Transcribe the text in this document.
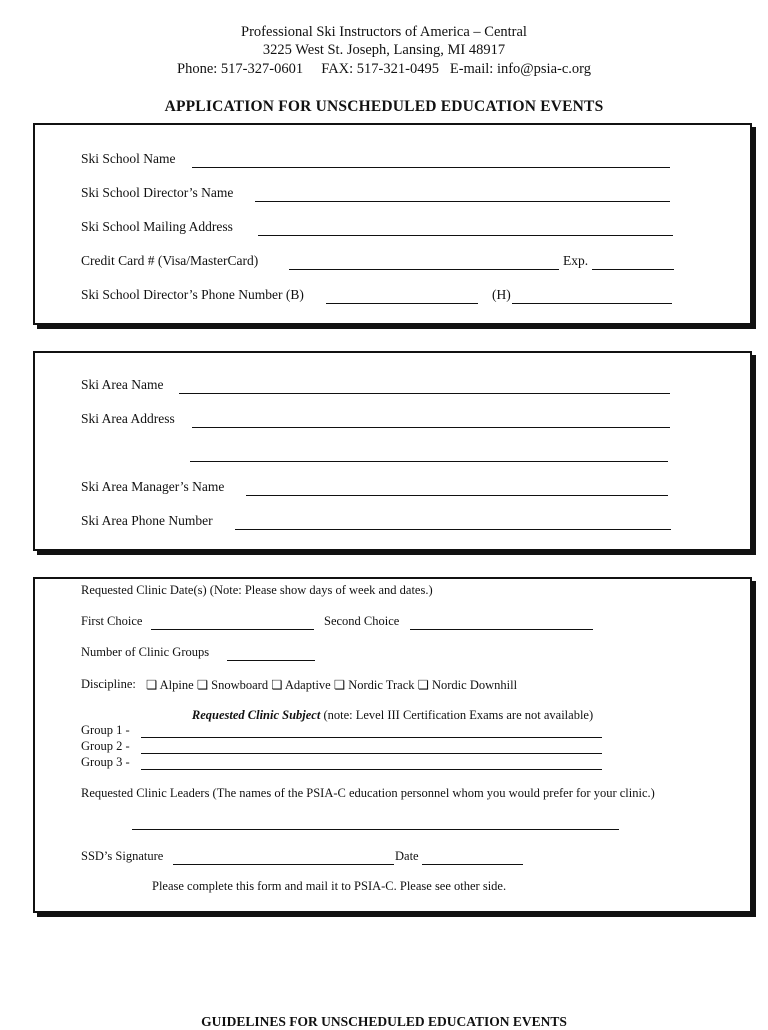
Professional Ski Instructors of America – Central
3225 West St. Joseph, Lansing, MI 48917
Phone: 517-327-0601     FAX: 517-321-0495   E-mail: info@psia-c.org
APPLICATION FOR UNSCHEDULED EDUCATION EVENTS
Ski School Name
Ski School Director’s Name
Ski School Mailing Address
Credit Card # (Visa/MasterCard)	Exp.
Ski School Director’s Phone Number (B)	(H)
Ski Area Name
Ski Area Address
Ski Area Manager’s Name
Ski Area Phone Number
Requested Clinic Date(s) (Note: Please show days of week and dates.)
First Choice	Second Choice
Number of Clinic Groups
Discipline: ❏ Alpine ❏ Snowboard ❏ Adaptive ❏ Nordic Track ❏ Nordic Downhill
Requested Clinic Subject (note: Level III Certification Exams are not available)
Group 1 -
Group 2 -
Group 3 -
Requested Clinic Leaders (The names of the PSIA-C education personnel whom you would prefer for your clinic.)
SSD’s Signature	Date
Please complete this form and mail it to PSIA-C. Please see other side.
GUIDELINES FOR UNSCHEDULED EDUCATION EVENTS
